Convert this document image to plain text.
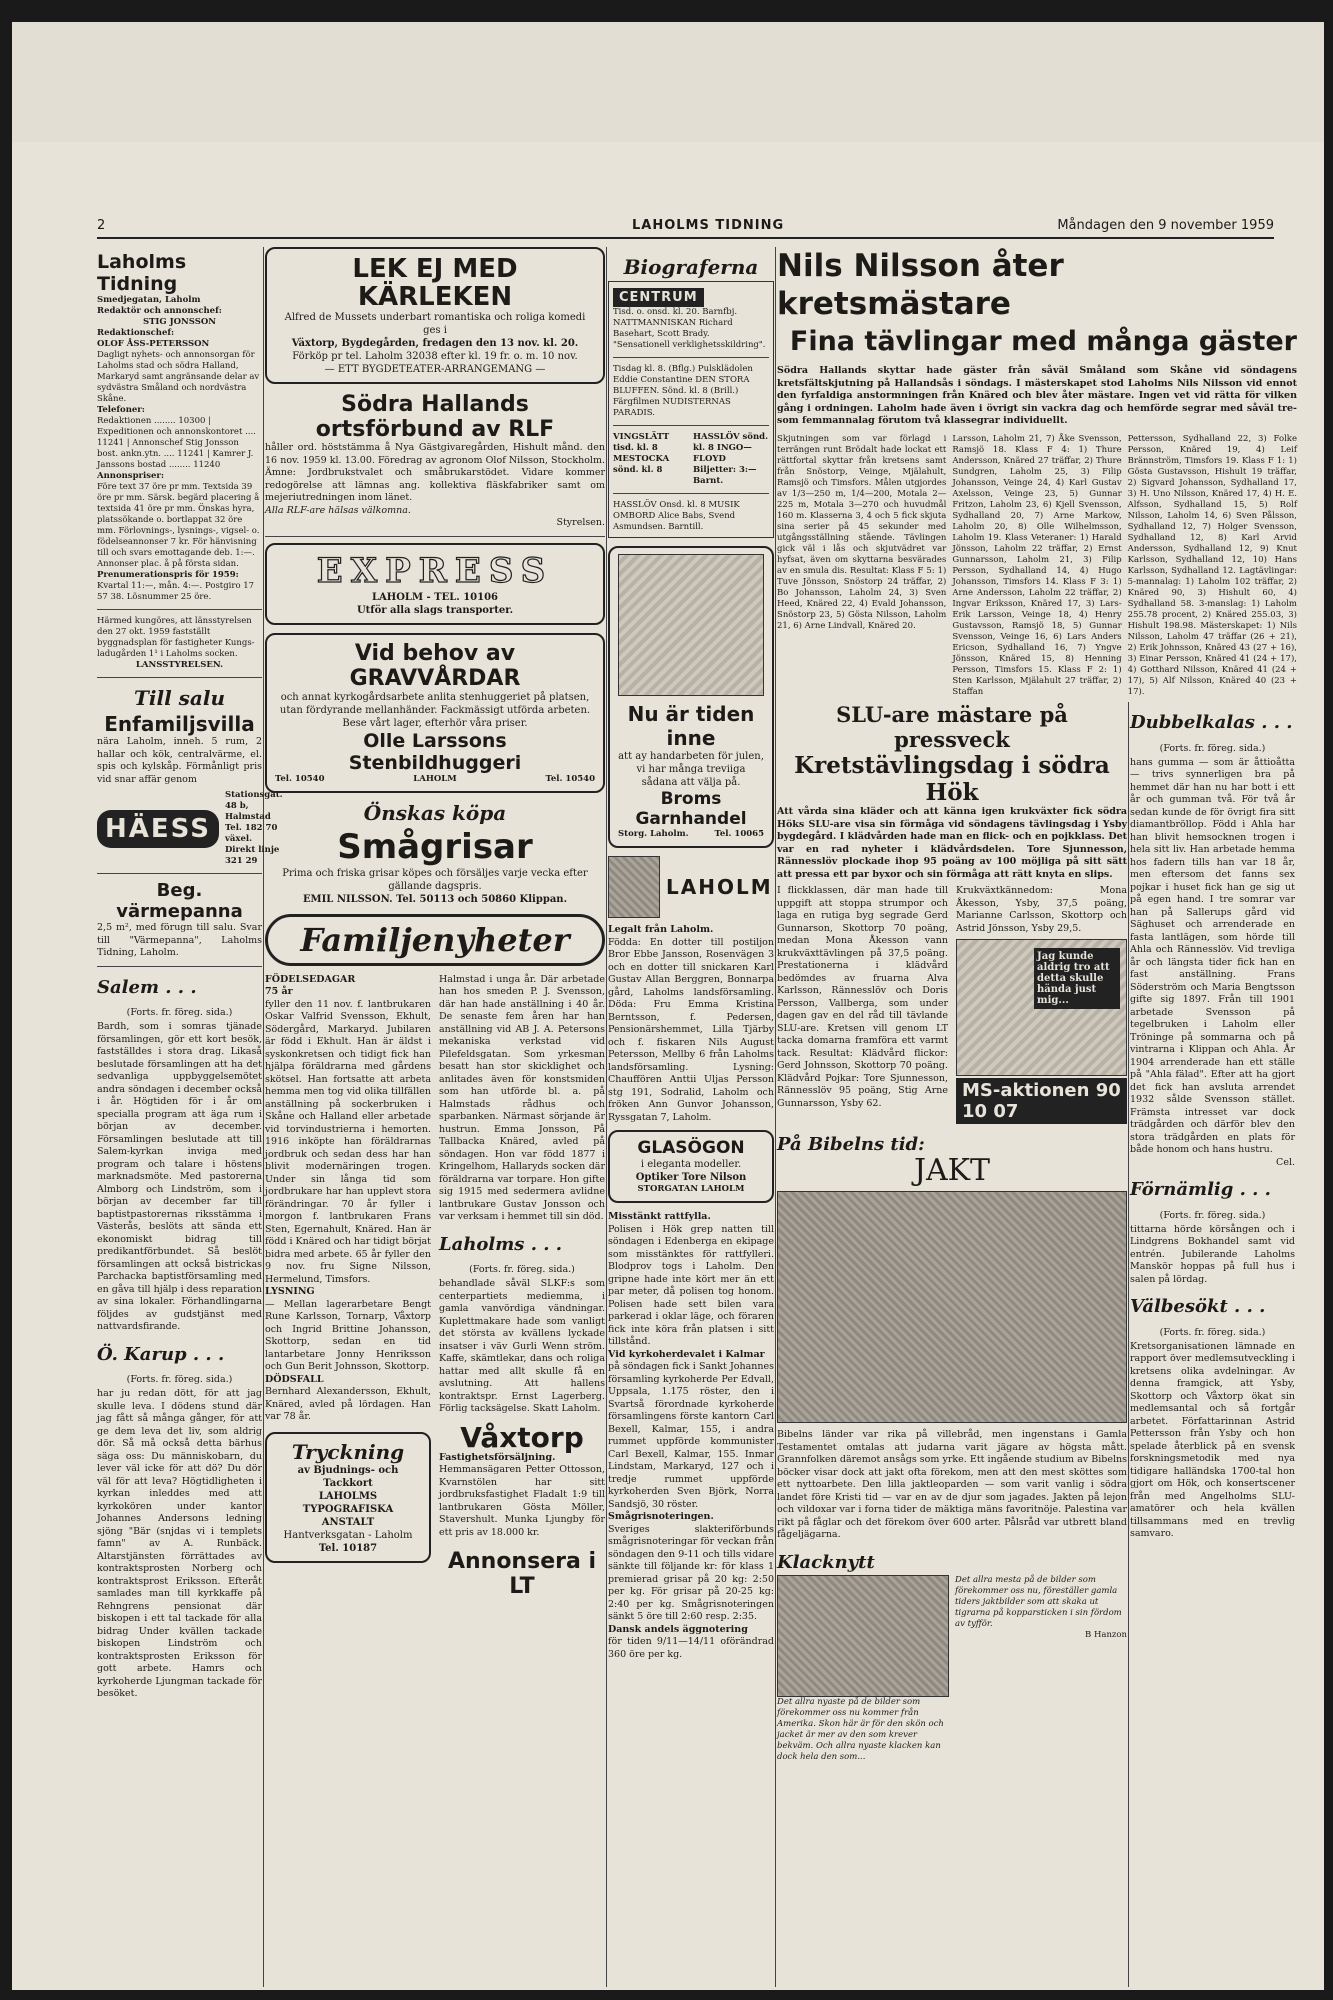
2	LAHOLMS TIDNING	Måndagen den 9 november 1959
Laholms Tidning

Smedjegatan, Laholm

Redaktör och annonschef:

STIG JONSSON

Redaktionschef:

OLOF ÅSS-PETERSSON

Dagligt nyhets- och annonsorgan för Laholms stad och södra Halland, Markaryd samt angränsande delar av sydvästra Småland och nordvästra Skåne.

Telefoner:

Redaktionen ........ 10300 | Expeditionen och annonskontoret .... 11241 | Annonschef Stig Jonsson bost. ankn.ytn. .... 11241 | Kamrer J. Janssons bostad ........ 11240

Annonspriser:

Före text 37 öre pr mm. Textsida 39 öre pr mm. Särsk. begärd placering å textsida 41 öre pr mm. Önskas hyra, platssökande o. bortlappat 32 öre mm. Förlovnings-, lysnings-, vigsel- o. födelseannonser 7 kr. För hänvisning till och svars emottagande deb. 1:—. Annonser plac. å på första sidan.

Prenumerationspris för 1959:

Kvartal 11:—, mån. 4:—. Postgiro 17 57 38. Lösnummer 25 öre.

Härmed kungöres, att länsstyrelsen den 27 okt. 1959 fastställt byggnadsplan för fastigheter Kungs-ladugården 1¹ i Laholms socken.

LANSSTYRELSEN.

Till salu
Enfamiljsvilla

nära Laholm, inneh. 5 rum, 2 hallar och kök, centralvärme, el. spis och kylskåp. Förmånligt pris vid snar affär genom

HÄESS
Stationsgat. 48 b, Halmstad Tel. 182 70 växel. Direkt linje 321 29
Beg. värmepanna

2,5 m², med förugn till salu. Svar till "Värmepanna", Laholms Tidning, Laholm.

Salem . . .

(Forts. fr. föreg. sida.)

Bardh, som i somras tjänade församlingen, gör ett kort besök, fastställdes i stora drag. Likaså beslutade församlingen att ha det sedvanliga uppbyggelsemötet andra söndagen i december också i år. Högtiden för i år om specialla program att äga rum i början av december. Församlingen beslutade att till Salem-kyrkan inviga med program och talare i höstens marknadsmöte. Med pastorerna Almborg och Lindström, som i början av december far till baptistpastorernas riksstämma i Västerås, beslöts att sända ett ekonomiskt bidrag till predikantförbundet. Så beslöt församlingen att också bistrickas Parchacka baptistförsamling med en gåva till hjälp i dess reparation av sina lokaler. Förhandlingarna följdes av gudstjänst med nattvardsfirande.

Ö. Karup . . .

(Forts. fr. föreg. sida.)

har ju redan dött, för att jag skulle leva. I dödens stund där jag fått så många gånger, för att ge dem leva det liv, som aldrig dör. Så må också detta bärhus säga oss: Du människobarn, du lever väl icke för att dö? Du dör väl för att leva? Högtidligheten i kyrkan inleddes med att kyrkokören under kantor Johannes Andersons ledning sjöng "Bär (snjdas vi i templets famn" av A. Runbäck. Altarstjänsten förrättades av kontraktsprosten Norberg och kontraktsprost Eriksson. Efteråt samlades man till kyrkkaffe på Rehngrens pensionat där biskopen i ett tal tackade för alla bidrag Under kvällen tackade biskopen Lindström och kontraktsprosten Eriksson för gott arbete. Hamrs och kyrkoherde Ljungman tackade för besöket.

LEK EJ MED KÄRLEKEN

Alfred de Mussets underbart romantiska och roliga komedi ges i

Växtorp, Bygdegården, fredagen den 13 nov. kl. 20.

Förköp pr tel. Laholm 32038 efter kl. 19 fr. o. m. 10 nov.

— ETT BYGDETEATER-ARRANGEMANG —

Södra Hallands ortsförbund av RLF

håller ord. höststämma å Nya Gästgivaregården, Hishult månd. den 16 nov. 1959 kl. 13.00. Föredrag av agronom Olof Nilsson, Stockholm. Ämne: Jordbrukstvalet och småbrukarstödet. Vidare kommer redogörelse att lämnas ang. kollektiva fläskfabriker samt om mejeriutredningen inom länet.

Alla RLF-are hälsas välkomna.

Styrelsen.

EXPRESS

LAHOLM - TEL. 10106

Utför alla slags transporter.

Vid behov av GRAVVÅRDAR

och annat kyrkogårdsarbete anlita stenhuggeriet på platsen, utan fördyrande mellanhänder. Fackmässigt utförda arbeten. Bese vårt lager, efterhör våra priser.

Olle Larssons Stenbildhuggeri
Tel. 10540	LAHOLM	Tel. 10540
Önskas köpa
Smågrisar

Prima och friska grisar köpes och försäljes varje vecka efter gällande dagspris.

EMIL NILSSON. Tel. 50113 och 50860 Klippan.

Familjenyheter

FÖDELSEDAGAR

75 år

fyller den 11 nov. f. lantbrukaren Oskar Valfrid Svensson, Ekhult, Södergård, Markaryd. Jubilaren är född i Ekhult. Han är äldst i syskonkretsen och tidigt fick han hjälpa föräldrarna med gårdens skötsel. Han fortsatte att arbeta hemma men tog vid olika tillfällen anställning på sockerbruken i Skåne och Halland eller arbetade vid torvindustrierna i hemorten. 1916 inköpte han föräldrarnas jordbruk och sedan dess har han blivit modernäringen trogen. Under sin långa tid som jordbrukare har han upplevt stora förändringar. 70 år fyller i morgon f. lantbrukaren Frans Sten, Egernahult, Knäred. Han är född i Knäred och har tidigt börjat bidra med arbete. 65 år fyller den 9 nov. fru Signe Nilsson, Hermelund, Timsfors.

LYSNING

— Mellan lagerarbetare Bengt Rune Karlsson, Tornarp, Våxtorp och Ingrid Brittine Johansson, Skottorp, sedan en tid lantarbetare Jonny Henriksson och Gun Berit Johnsson, Skottorp.

DÖDSFALL

Bernhard Alexandersson, Ekhult, Knäred, avled på lördagen. Han var 78 år.

Tryckning

av Bjudnings- och Tackkort

LAHOLMS TYPOGRAFISKA ANSTALT

Hantverksgatan - Laholm

Tel. 10187

Halmstad i unga år. Där arbetade han hos smeden P. J. Svensson, där han hade anställning i 40 år. De senaste fem åren har han anställning vid AB J. A. Petersons mekaniska verkstad vid Pilefeldsgatan. Som yrkesman besatt han stor skicklighet och anlitades även för konstsmiden som han utförde bl. a. på Halmstads rådhus och sparbanken. Närmast sörjande är hustrun. Emma Jonsson, På Tallbacka Knäred, avled på söndagen. Hon var född 1877 i Kringelhom, Hallaryds socken där föräldrarna var torpare. Hon gifte sig 1915 med sedermera avlidne lantbrukare Gustav Jonsson och var verksam i hemmet till sin död.

Laholms . . .

(Forts. fr. föreg. sida.)

behandlade såväl SLKF:s som centerpartiets mediemma, i gamla vanvördiga vändningar. Kuplettmakare hade som vanligt det största av kvällens lyckade insatser i väv Gurli Wenn ström. Kaffe, skämtlekar, dans och roliga hattar med allt skulle få en avslutning. Att hallens kontraktspr. Ernst Lagerberg. Förlig tacksägelse. Skatt Laholm.

Våxtorp

Fastighetsförsäljning.

Hemmansägaren Petter Ottosson, Kvarnstölen har sitt jordbruksfastighet Fladalt 1:9 till lantbrukaren Gösta Möller, Stavershult. Munka Ljungby för ett pris av 18.000 kr.

Annonsera i LT
Biograferna
CENTRUM

Tisd. o. onsd. kl. 20. Barnfbj. NATTMANNISKAN Richard Basehart, Scott Brady. "Sensationell verklighetsskildring".

Tisdag kl. 8. (Bflg.) Pulsklädolen Eddie Constantine DEN STORA BLUFFEN. Sönd. kl. 8 (Brill.) Färgfilmen NUDISTERNAS PARADIS.

VINGSLÄTT tisd. kl. 8 MESTOCKA sönd. kl. 8

HASSLÖV sönd. kl. 8 INGO—FLOYD Biljetter: 3:— Barnt.

HASSLÖV Onsd. kl. 8 MUSIK OMBORD Alice Babs, Svend Asmundsen. Barntill.

Nu är tiden inne

att ay handarbeten för julen, vi har många treviiga sådana att välja på.

Broms Garnhandel
Storg. Laholm.	Tel. 10065
LAHOLM

Legalt från Laholm.

Födda: En dotter till postiljon Bror Ebbe Jansson, Rosenvägen 3 och en dotter till snickaren Karl Gustav Allan Berggren, Bonnarpa gård, Laholms landsförsamling. Döda: Fru Emma Kristina Berntsson, f. Pedersen, Pensionärshemmet, Lilla Tjärby och f. fiskaren Nils August Petersson, Mellby 6 från Laholms landsförsamling. Lysning: Chauffören Anttii Uljas Persson stg 191, Sodralid, Laholm och fröken Ann Gunvor Johansson, Ryssgatan 7, Laholm.

GLASÖGON

i eleganta modeller.

Optiker Tore Nilson

STORGATAN LAHOLM

Misstänkt rattfylla.

Polisen i Hök grep natten till söndagen i Edenberga en ekipage som misstänktes för rattfylleri. Blodprov togs i Laholm. Den gripne hade inte kört mer än ett par meter, då polisen tog honom. Polisen hade sett bilen vara parkerad i oklar läge, och föraren fick inte köra från platsen i sitt tillstånd.

Vid kyrkoherdevalet i Kalmar

på söndagen fick i Sankt Johannes församling kyrkoherde Per Edvall, Uppsala, 1.175 röster, den i Svartså förordnade kyrkoherde församlingens förste kantorn Carl Bexell, Kalmar, 155, i andra rummet uppförde kommunister Carl Bexell, Kalmar, 155. Inmar Lindstam, Markaryd, 127 och i tredje rummet uppförde kyrkoherden Sven Björk, Norra Sandsjö, 30 röster.

Smågrisnoteringen.

Sveriges slakteriförbunds smågrisnoteringar för veckan från söndagen den 9-11 och tills vidare sänkte till följande kr: för klass 1 premierad grisar på 20 kg: 2:50 per kg. För grisar på 20-25 kg: 2:40 per kg. Smågrisnoteringen sänkt 5 öre till 2:60 resp. 2:35.

Dansk andels äggnotering

för tiden 9/11—14/11 oförändrad 360 öre per kg.

Nils Nilsson åter kretsmästare
Fina tävlingar med många gäster

Södra Hallands skyttar hade gäster från såväl Småland som Skåne vid söndagens kretsfältskjutning på Hallandsås i söndags. I mästerskapet stod Laholms Nils Nilsson vid ennot den fyrfaldiga anstormningen från Knäred och blev åter mästare. Ingen vet vid rätta för vilken gång i ordningen. Laholm hade även i övrigt sin vackra dag och hemförde segrar med såväl tre- som femmannalag förutom två klassegrar individuellt.

Skjutningen som var förlagd i terrängen runt Brödalt hade lockat ett rättfortal skyttar från kretsens samt från Snöstorp, Veinge, Mjälahult, Ramsjö och Timsfors. Målen utgjordes av 1/3—250 m, 1/4—200, Motala 2—225 m, Motala 3—270 och huvudmål 160 m. Klasserna 3, 4 och 5 fick skjuta sina serier på 45 sekunder med utgångsställning stående. Tävlingen gick väl i lås och skjutvädret var hyfsat, även om skyttarna besvärades av en smula dis. Resultat: Klass F 5: 1) Tuve Jönsson, Snöstorp 24 träffar, 2) Bo Johansson, Laholm 24, 3) Sven Heed, Knäred 22, 4) Evald Johansson, Snöstorp 23, 5) Gösta Nilsson, Laholm 21, 6) Arne Lindvall, Knäred 20.

Larsson, Laholm 21, 7) Åke Svensson, Ramsjö 18. Klass F 4: 1) Thure Andersson, Knäred 27 träffar, 2) Thure Sundgren, Laholm 25, 3) Filip Johansson, Veinge 24, 4) Karl Gustav Axelsson, Veinge 23, 5) Gunnar Fritzon, Laholm 23, 6) Kjell Svensson, Sydhalland 20, 7) Arne Markow, Laholm 20, 8) Olle Wilhelmsson, Laholm 19. Klass Veteraner: 1) Harald Jönsson, Laholm 22 träffar, 2) Ernst Gunnarsson, Laholm 21, 3) Filip Persson, Sydhalland 14, 4) Hugo Johansson, Timsfors 14. Klass F 3: 1) Arne Andersson, Laholm 22 träffar, 2) Ingvar Eriksson, Knäred 17, 3) Lars-Erik Larsson, Veinge 18, 4) Henry Gustavsson, Ramsjö 18, 5) Gunnar Svensson, Veinge 16, 6) Lars Anders Ericson, Sydhalland 16, 7) Yngve Jönsson, Knäred 15, 8) Henning Persson, Timsfors 15. Klass F 2: 1) Sten Karlsson, Mjälahult 27 träffar, 2) Staffan

Pettersson, Sydhalland 22, 3) Folke Persson, Knäred 19, 4) Leif Brännström, Timsfors 19. Klass F 1: 1) Gösta Gustavsson, Hishult 19 träffar, 2) Sigvard Johansson, Sydhalland 17, 3) H. Uno Nilsson, Knäred 17, 4) H. E. Alfsson, Sydhalland 15, 5) Rolf Nilsson, Laholm 14, 6) Sven Pålsson, Sydhalland 12, 7) Holger Svensson, Sydhalland 12, 8) Karl Arvid Andersson, Sydhalland 12, 9) Knut Karlsson, Sydhalland 12, 10) Hans Karlsson, Sydhalland 12. Lagtävlingar: 5-mannalag: 1) Laholm 102 träffar, 2) Knäred 90, 3) Hishult 60, 4) Sydhalland 58. 3-manslag: 1) Laholm 255.78 procent, 2) Knäred 255.03, 3) Hishult 198.98. Mästerskapet: 1) Nils Nilsson, Laholm 47 träffar (26 + 21), 2) Erik Johnsson, Knäred 43 (27 + 16), 3) Einar Persson, Knäred 41 (24 + 17), 4) Gotthard Nilsson, Knäred 41 (24 + 17), 5) Alf Nilsson, Knäred 40 (23 + 17).

SLU-are mästare på pressveck
Kretstävlingsdag i södra Hök

Att vårda sina kläder och att känna igen krukväxter fick södra Höks SLU-are visa sin förmåga vid söndagens tävlingsdag i Ysby bygdegård. I klädvården hade man en flick- och en pojkklass. Det var en rad nyheter i klädvårdsdelen. Tore Sjunnesson, Rännesslöv plockade ihop 95 poäng av 100 möjliga på sitt sätt att pressa ett par byxor och sin förmåga att rätt knyta en slips.

I flickklassen, där man hade till uppgift att stoppa strumpor och laga en rutiga byg segrade Gerd Gunnarson, Skottorp 70 poäng, medan Mona Åkesson vann krukväxttävlingen på 37,5 poäng. Prestationerna i klädvård bedömdes av fruarna Alva Karlsson, Rännesslöv och Doris Persson, Vallberga, som under dagen gav en del råd till tävlande SLU-are. Kretsen vill genom LT tacka domarna framföra ett varmt tack. Resultat: Klädvård flickor: Gerd Johnsson, Skottorp 70 poäng. Klädvård Pojkar: Tore Sjunnesson, Rännesslöv 95 poäng, Stig Arne Gunnarsson, Ysby 62.

Krukväxtkännedom: Mona Åkesson, Ysby, 37,5 poäng, Marianne Carlsson, Skottorp och Astrid Jönsson, Ysby 29,5.

Jag kunde aldrig tro att detta skulle hända just mig...
MS-aktionen 90 10 07
På Bibelns tid:
JAKT

Bibelns länder var rika på villebråd, men ingenstans i Gamla Testamentet omtalas att judarna varit jägare av högsta mått. Grannfolken däremot ansågs som yrke. Ett ingående studium av Bibelns böcker visar dock att jakt ofta förekom, men att den mest sköttes som ett nyttoarbete. Den lilla jaktleoparden — som varit vanlig i södra landet före Kristi tid — var en av de djur som jagades. Jakten på lejon och vildoxar var i forna tider de mäktiga mäns favoritnöje. Palestina var rikt på fåglar och det förekom över 600 arter. Pålsråd var utbrett bland fågeljägarna.

Klacknytt

Det allra nyaste på de bilder som förekommer oss nu kommer från Amerika. Skon här är för den skön och jacket är mer av den som krever bekväm. Och allra nyaste klacken kan dock hela den som...

Det allra mesta på de bilder som förekommer oss nu, föreställer gamla tiders jaktbilder som att skaka ut tigrarna på kopparsticken i sin fördom av tyfför.

B Hanzon

Dubbelkalas . . .

(Forts. fr. föreg. sida.)

hans gumma — som är åttioåtta — trivs synnerligen bra på hemmet där han nu har bott i ett år och gumman två. För två år sedan kunde de för övrigt fira sitt diamantbröllop. Född i Ahla har han blivit hemsocknen trogen i hela sitt liv. Han arbetade hemma hos fadern tills han var 18 år, men eftersom det fanns sex pojkar i huset fick han ge sig ut på egen hand. I tre somrar var han på Sallerups gård vid Säghuset och arrenderade en fasta lantlägen, som hörde till Ahla och Rännesslöv. Vid trevliga år och längsta tider fick han en fast anställning. Frans Söderström och Maria Bengtsson gifte sig 1897. Från till 1901 arbetade Svensson på tegelbruken i Laholm eller Tröninge på sommarna och på vintrarna i Klippan och Ahla. År 1904 arrenderade han ett ställe på "Ahla fälad". Efter att ha gjort det fick han avsluta arrendet 1932 sålde Svensson stället. Främsta intresset var dock trädgården och därför blev den stora trädgården en plats för både honom och hans hustru.

Cel.

Förnämlig . . .

(Forts. fr. föreg. sida.)

tittarna hörde körsången och i Lindgrens Bokhandel samt vid entrén. Jubilerande Laholms Manskör hoppas på full hus i salen på lördag.

Välbesökt . . .

(Forts. fr. föreg. sida.)

Kretsorganisationen lämnade en rapport över medlemsutveckling i kretsens olika avdelningar. Av denna framgick, att Ysby, Skottorp och Våxtorp ökat sin medlemsantal och så fortgår arbetet. Författarinnan Astrid Pettersson från Ysby och hon spelade återblick på en svensk forskningsmetodik med nya tidigare halländska 1700-tal hon gjort om Hök, och konsertscener från med Angelholms SLU-amatörer och hela kvällen tillsammans med en trevlig samvaro.
